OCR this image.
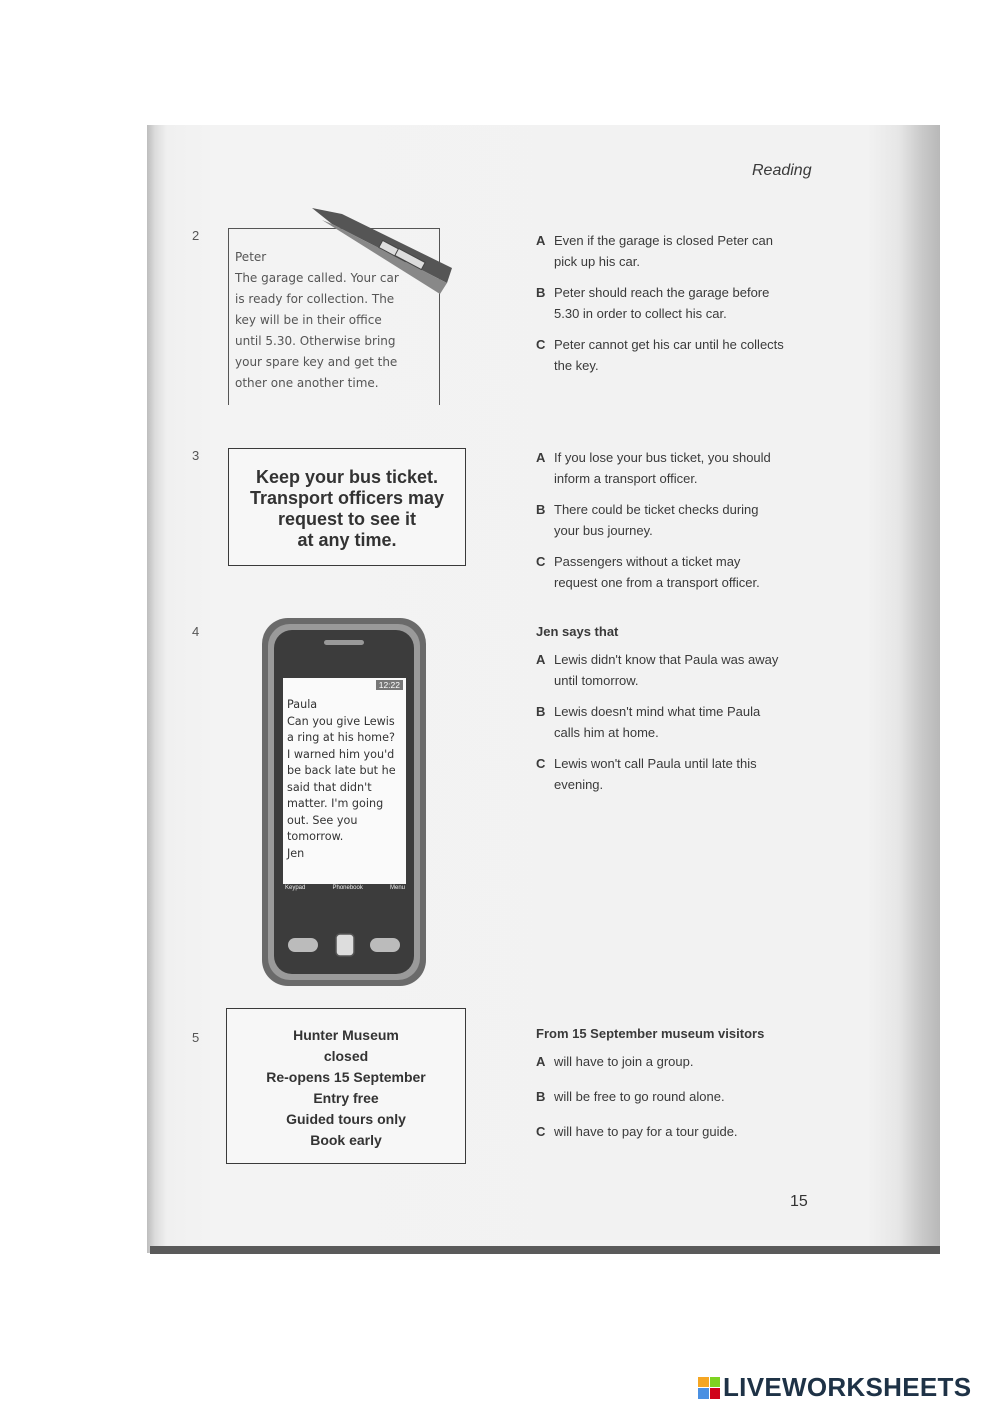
Reading
2
Peter
The garage called. Your car
is ready for collection. The
key will be in their office
until 5.30. Otherwise bring
your spare key and get the
other one another time.
A Even if the garage is closed Peter can
pick up his car.
B Peter should reach the garage before
5.30 in order to collect his car.
C Peter cannot get his car until he collects
the key.
3
Keep your bus ticket.
Transport officers may
request to see it
at any time.
A If you lose your bus ticket, you should
inform a transport officer.
B There could be ticket checks during
your bus journey.
C Passengers without a ticket may
request one from a transport officer.
4
12:22
Paula
Can you give Lewis
a ring at his home?
I warned him you'd
be back late but he
said that didn't
matter. I'm going
out. See you
tomorrow.
Jen
Keypad	Phonebook	Menu
Jen says that
A Lewis didn't know that Paula was away
until tomorrow.
B Lewis doesn't mind what time Paula
calls him at home.
C Lewis won't call Paula until late this
evening.
5	Hunter Museum
closed
Re-opens 15 September
Entry free
Guided tours only
Book early
From 15 September museum visitors
A will have to join a group.
B will be free to go round alone.
C will have to pay for a tour guide.
15
LIVEWORKSHEETS
